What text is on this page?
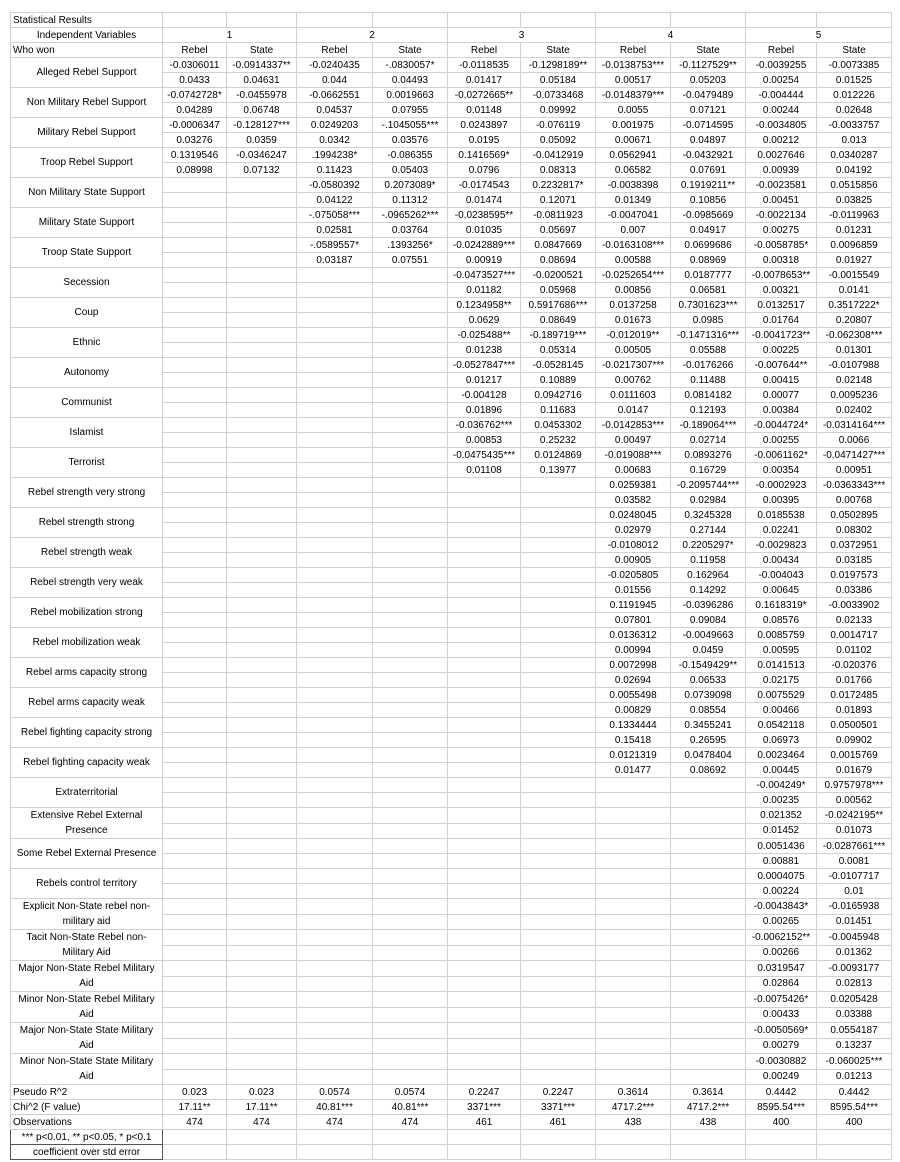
Statistical Results										
Independent Variables	1		2		3		4		5	
Who won	Rebel	State	Rebel	State	Rebel	State	Rebel	State	Rebel	State
Alleged Rebel Support	-0.0306011	-0.0914337**	-0.0240435	-.0830057*	-0.0118535	-0.1298189**	-0.0138753***	-0.1127529**	-0.0039255	-0.0073385
	0.0433	0.04631	0.044	0.04493	0.01417	0.05184	0.00517	0.05203	0.00254	0.01525
Non Military Rebel Support	-0.0742728*	-0.0455978	-0.0662551	0.0019663	-0.0272665**	-0.0733468	-0.0148379***	-0.0479489	-0.004444	0.012226
	0.04289	0.06748	0.04537	0.07955	0.01148	0.09992	0.0055	0.07121	0.00244	0.02648
Military Rebel Support	-0.0006347	-0.128127***	0.0249203	-.1045055***	0.0243897	-0.076119	0.001975	-0.0714595	-0.0034805	-0.0033757
	0.03276	0.0359	0.0342	0.03576	0.0195	0.05092	0.00671	0.04897	0.00212	0.013
Troop Rebel Support	0.1319546	-0.0346247	.1994238*	-0.086355	0.1416569*	-0.0412919	0.0562941	-0.0432921	0.0027646	0.0340287
	0.08998	0.07132	0.11423	0.05403	0.0796	0.08313	0.06582	0.07691	0.00939	0.04192
Non Military State Support			-0.0580392	0.2073089*	-0.0174543	0.2232817*	-0.0038398	0.1919211**	-0.0023581	0.0515856
			0.04122	0.11312	0.01474	0.12071	0.01349	0.10856	0.00451	0.03825
Military State Support			-.075058***	-.0965262***	-0.0238595**	-0.0811923	-0.0047041	-0.0985669	-0.0022134	-0.0119963
			0.02581	0.03764	0.01035	0.05697	0.007	0.04917	0.00275	0.01231
Troop State Support			-.0589557*	.1393256*	-0.0242889***	0.0847669	-0.0163108***	0.0699686	-0.0058785*	0.0096859
			0.03187	0.07551	0.00919	0.08694	0.00588	0.08969	0.00318	0.01927
Secession					-0.0473527***	-0.0200521	-0.0252654***	0.0187777	-0.0078653**	-0.0015549
					0.01182	0.05968	0.00856	0.06581	0.00321	0.0141
Coup					0.1234958**	0.5917686***	0.0137258	0.7301623***	0.0132517	0.3517222*
					0.0629	0.08649	0.01673	0.0985	0.01764	0.20807
Ethnic					-0.025488**	-0.189719***	-0.012019**	-0.1471316***	-0.0041723**	-0.062308***
					0.01238	0.05314	0.00505	0.05588	0.00225	0.01301
Autonomy					-0.0527847***	-0.0528145	-0.0217307***	-0.0176266	-0.007644**	-0.0107988
					0.01217	0.10889	0.00762	0.11488	0.00415	0.02148
Communist					-0.004128	0.0942716	0.0111603	0.0814182	0.00077	0.0095236
					0.01896	0.11683	0.0147	0.12193	0.00384	0.02402
Islamist					-0.036762***	0.0453302	-0.0142853***	-0.189064***	-0.0044724*	-0.0314164***
					0.00853	0.25232	0.00497	0.02714	0.00255	0.0066
Terrorist					-0.0475435***	0.0124869	-0.019088***	0.0893276	-0.0061162*	-0.0471427***
					0.01108	0.13977	0.00683	0.16729	0.00354	0.00951
Rebel strength very strong							0.0259381	-0.2095744***	-0.0002923	-0.0363343***
							0.03582	0.02984	0.00395	0.00768
Rebel strength strong							0.0248045	0.3245328	0.0185538	0.0502895
							0.02979	0.27144	0.02241	0.08302
Rebel strength weak							-0.0108012	0.2205297*	-0.0029823	0.0372951
							0.00905	0.11958	0.00434	0.03185
Rebel strength very weak							-0.0205805	0.162964	-0.004043	0.0197573
							0.01556	0.14292	0.00645	0.03386
Rebel mobilization strong							0.1191945	-0.0396286	0.1618319*	-0.0033902
							0.07801	0.09084	0.08576	0.02133
Rebel mobilization weak							0.0136312	-0.0049663	0.0085759	0.0014717
							0.00994	0.0459	0.00595	0.01102
Rebel arms capacity strong							0.0072998	-0.1549429**	0.0141513	-0.020376
							0.02694	0.06533	0.02175	0.01766
Rebel arms capacity weak							0.0055498	0.0739098	0.0075529	0.0172485
							0.00829	0.08554	0.00466	0.01893
Rebel fighting capacity strong							0.1334444	0.3455241	0.0542118	0.0500501
							0.15418	0.26595	0.06973	0.09902
Rebel fighting capacity weak							0.0121319	0.0478404	0.0023464	0.0015769
							0.01477	0.08692	0.00445	0.01679
Extraterritorial									-0.004249*	0.9757978***
									0.00235	0.00562
Extensive Rebel External Presence									0.021352	-0.0242195**
									0.01452	0.01073
Some Rebel External Presence									0.0051436	-0.0287661***
									0.00881	0.0081
Rebels control territory									0.0004075	-0.0107717
									0.00224	0.01
Explicit Non-State rebel non-military aid									-0.0043843*	-0.0165938
									0.00265	0.01451
Tacit Non-State Rebel non-Military Aid									-0.0062152**	-0.0045948
									0.00266	0.01362
Major Non-State Rebel Military Aid									0.0319547	-0.0093177
									0.02864	0.02813
Minor Non-State Rebel Military Aid									-0.0075426*	0.0205428
									0.00433	0.03388
Major Non-State State Military Aid									-0.0050569*	0.0554187
									0.00279	0.13237
Minor Non-State State Military Aid									-0.0030882	-0.060025***
									0.00249	0.01213
Pseudo R^2	0.023	0.023	0.0574	0.0574	0.2247	0.2247	0.3614	0.3614	0.4442	0.4442
Chi^2 (F value)	17.11**	17.11**	40.81***	40.81***	3371***	3371***	4717.2***	4717.2***	8595.54***	8595.54***
Observations	474	474	474	474	461	461	438	438	400	400
*** p<0.01, ** p<0.05, * p<0.1										
coefficient over std error										
